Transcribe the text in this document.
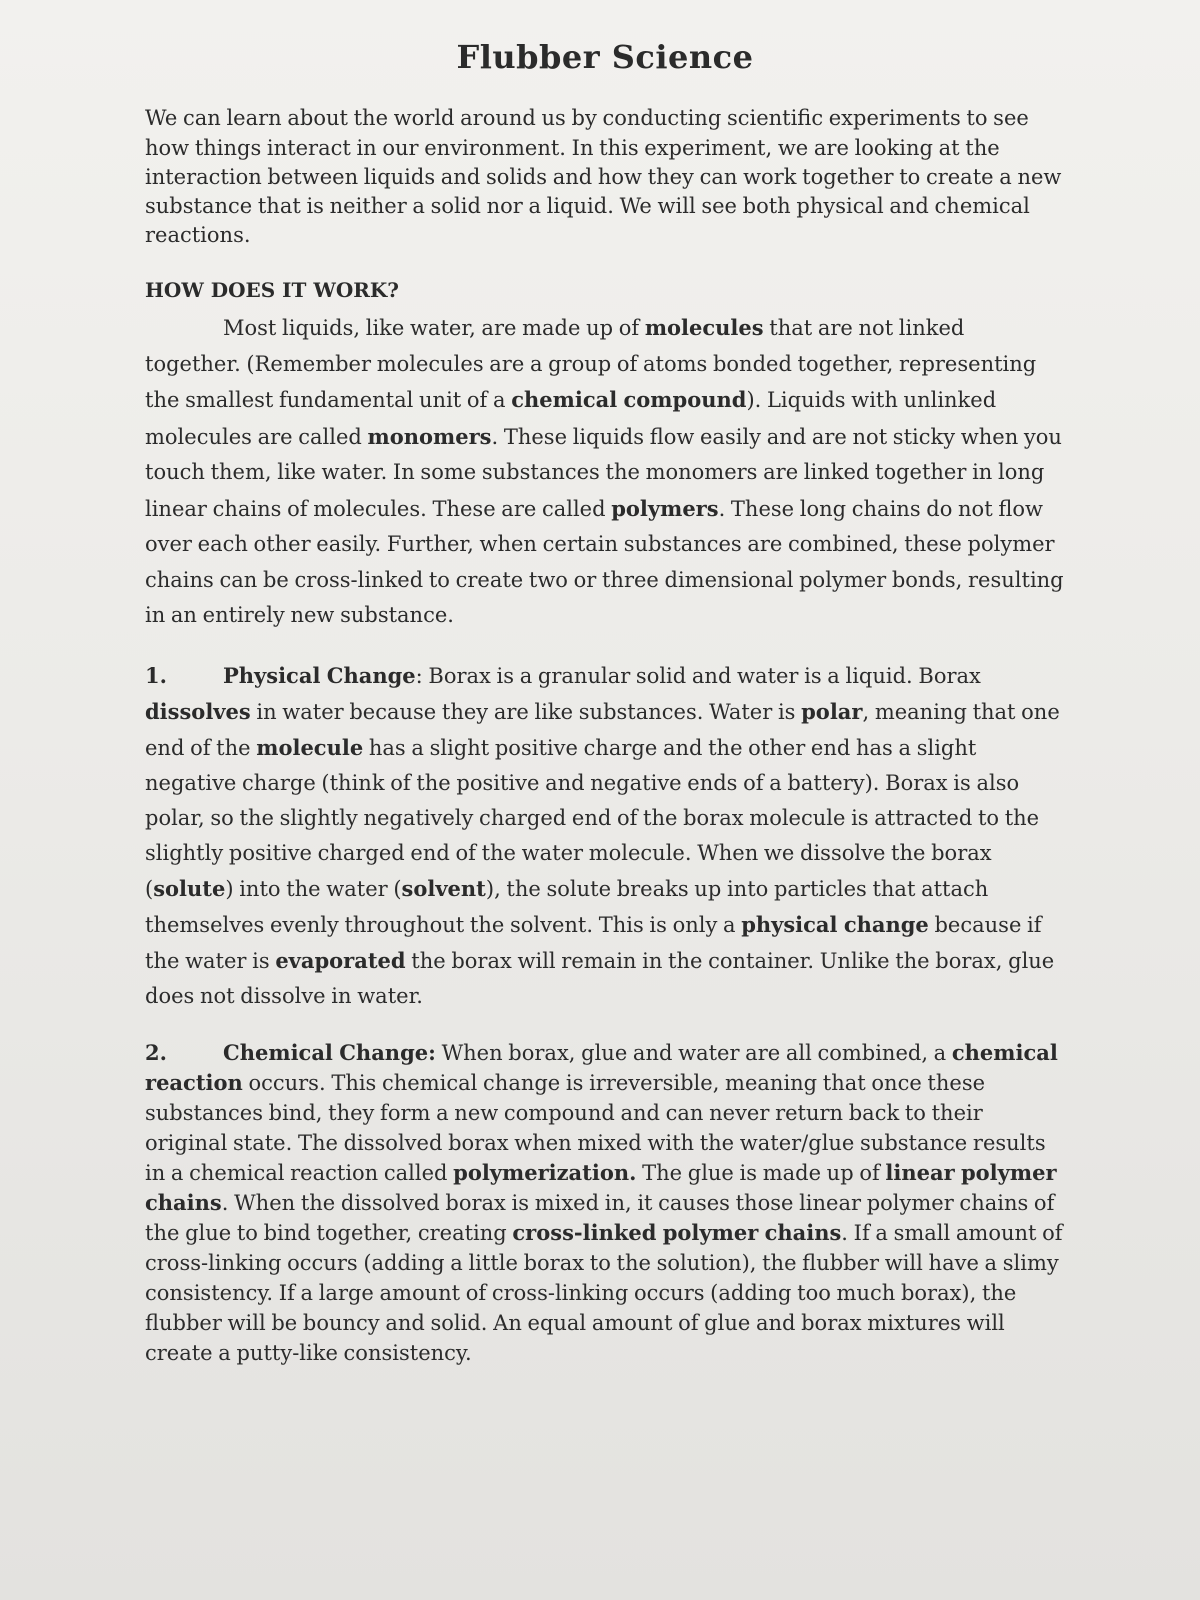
Flubber Science

We can learn about the world around us by conducting scientific experiments to see how things interact in our environment. In this experiment, we are looking at the interaction between liquids and solids and how they can work together to create a new substance that is neither a solid nor a liquid. We will see both physical and chemical reactions.

HOW DOES IT WORK?

Most liquids, like water, are made up of molecules that are not linked together. (Remember molecules are a group of atoms bonded together, representing the smallest fundamental unit of a chemical compound). Liquids with unlinked molecules are called monomers. These liquids flow easily and are not sticky when you touch them, like water. In some substances the monomers are linked together in long linear chains of molecules. These are called polymers. These long chains do not flow over each other easily. Further, when certain substances are combined, these polymer chains can be cross-linked to create two or three dimensional polymer bonds, resulting in an entirely new substance.

1.	Physical Change: Borax is a granular solid and water is a liquid. Borax dissolves in water because they are like substances. Water is polar, meaning that one end of the molecule has a slight positive charge and the other end has a slight negative charge (think of the positive and negative ends of a battery). Borax is also polar, so the slightly negatively charged end of the borax molecule is attracted to the slightly positive charged end of the water molecule. When we dissolve the borax (solute) into the water (solvent), the solute breaks up into particles that attach themselves evenly throughout the solvent. This is only a physical change because if the water is evaporated the borax will remain in the container. Unlike the borax, glue does not dissolve in water.

2.	Chemical Change: When borax, glue and water are all combined, a chemical reaction occurs. This chemical change is irreversible, meaning that once these substances bind, they form a new compound and can never return back to their original state. The dissolved borax when mixed with the water/glue substance results in a chemical reaction called polymerization. The glue is made up of linear polymer chains. When the dissolved borax is mixed in, it causes those linear polymer chains of the glue to bind together, creating cross-linked polymer chains. If a small amount of cross-linking occurs (adding a little borax to the solution), the flubber will have a slimy consistency. If a large amount of cross-linking occurs (adding too much borax), the flubber will be bouncy and solid. An equal amount of glue and borax mixtures will create a putty-like consistency.
